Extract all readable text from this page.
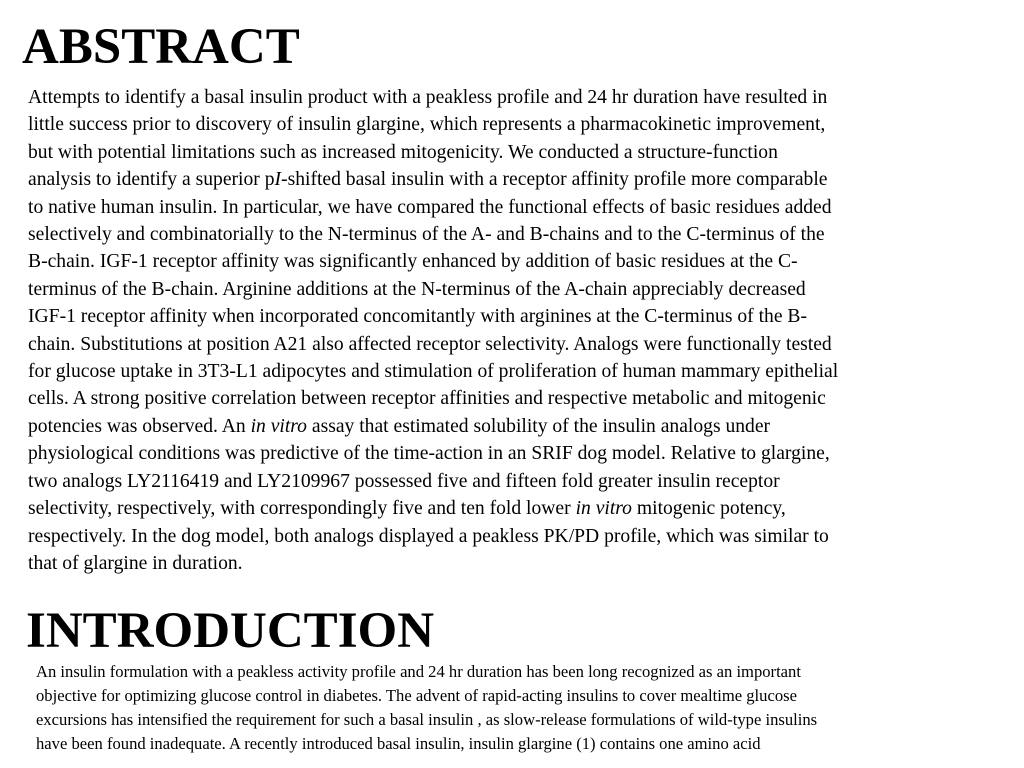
ABSTRACT

Attempts to identify a basal insulin product with a peakless profile and 24 hr duration have resulted in
little success prior to discovery of insulin glargine, which represents a pharmacokinetic improvement,
but with potential limitations such as increased mitogenicity. We conducted a structure-function
analysis to identify a superior pI-shifted basal insulin with a receptor affinity profile more comparable
to native human insulin. In particular, we have compared the functional effects of basic residues added
selectively and combinatorially to the N-terminus of the A- and B-chains and to the C-terminus of the
B-chain. IGF-1 receptor affinity was significantly enhanced by addition of basic residues at the C-
terminus of the B-chain. Arginine additions at the N-terminus of the A-chain appreciably decreased
IGF-1 receptor affinity when incorporated concomitantly with arginines at the C-terminus of the B-
chain. Substitutions at position A21 also affected receptor selectivity. Analogs were functionally tested
for glucose uptake in 3T3-L1 adipocytes and stimulation of proliferation of human mammary epithelial
cells. A strong positive correlation between receptor affinities and respective metabolic and mitogenic
potencies was observed. An in vitro assay that estimated solubility of the insulin analogs under
physiological conditions was predictive of the time-action in an SRIF dog model. Relative to glargine,
two analogs LY2116419 and LY2109967 possessed five and fifteen fold greater insulin receptor
selectivity, respectively, with correspondingly five and ten fold lower in vitro mitogenic potency,
respectively. In the dog model, both analogs displayed a peakless PK/PD profile, which was similar to
that of glargine in duration.

INTRODUCTION

An insulin formulation with a peakless activity profile and 24 hr duration has been long recognized as an important
objective for optimizing glucose control in diabetes. The advent of rapid-acting insulins to cover mealtime glucose
excursions has intensified the requirement for such a basal insulin , as slow-release formulations of wild-type insulins
have been found inadequate. A recently introduced basal insulin, insulin glargine (1) contains one amino acid
